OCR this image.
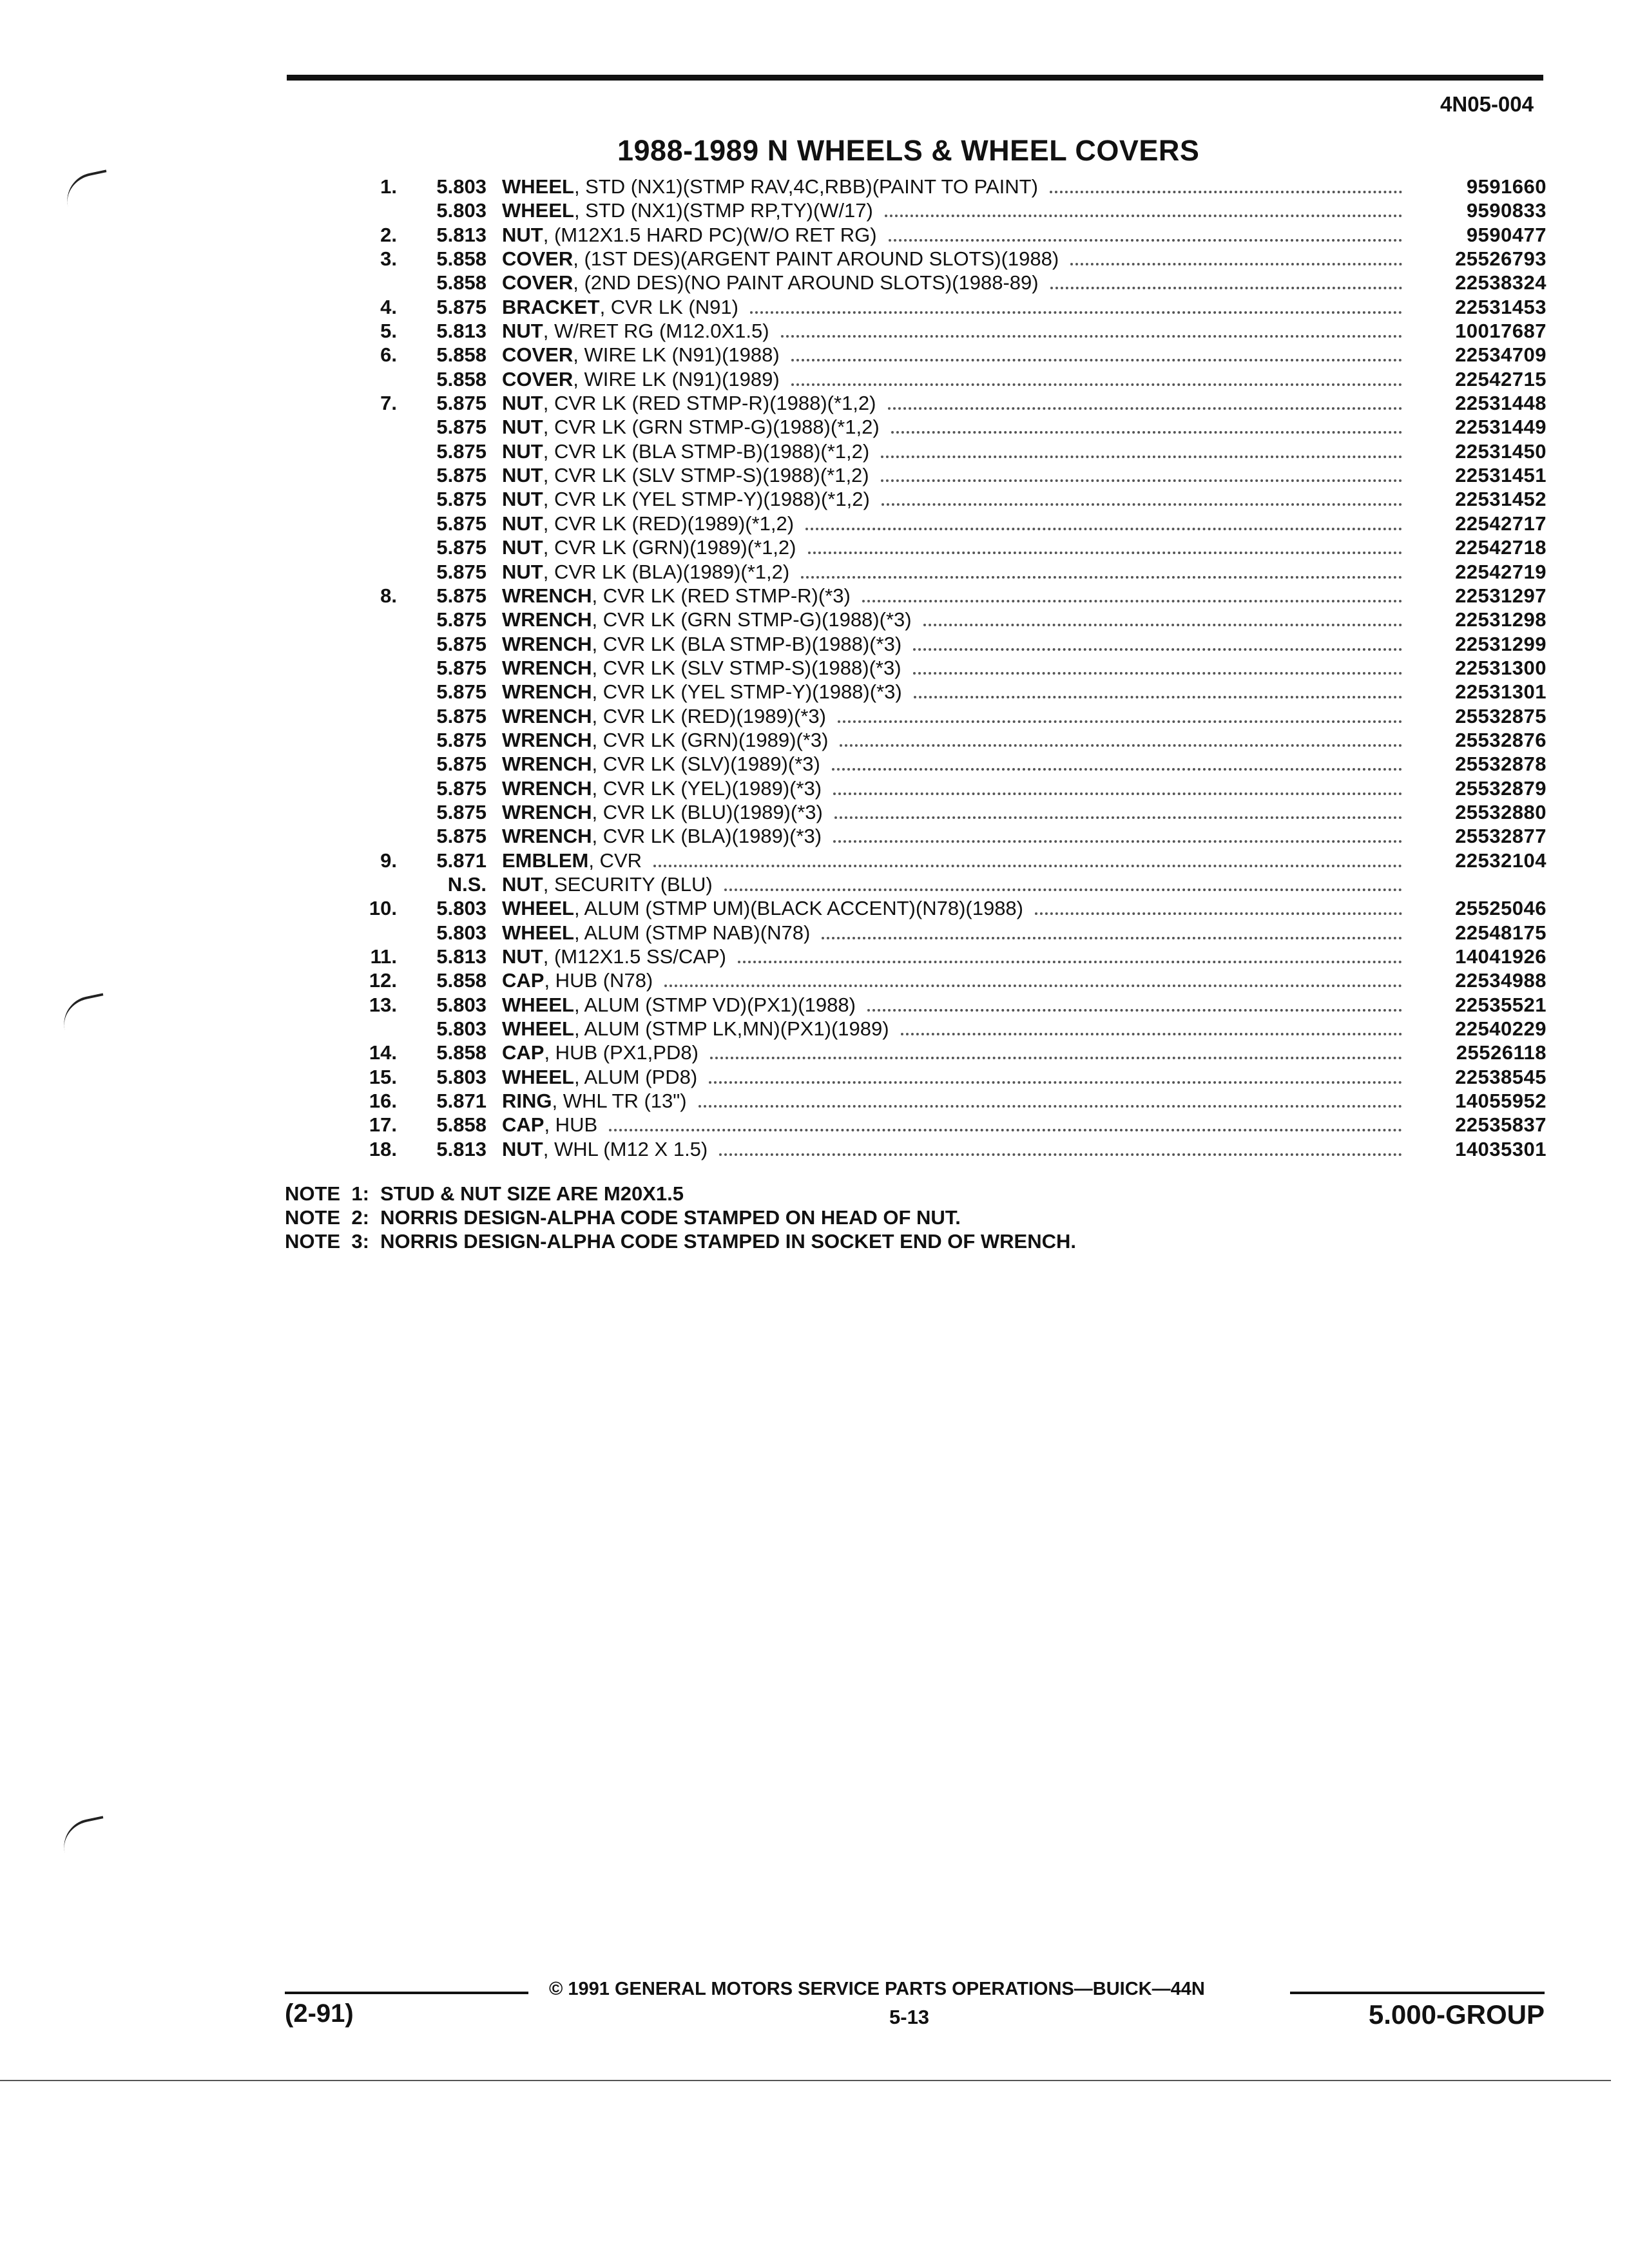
4N05-004
1988-1989 N WHEELS & WHEEL COVERS
1.	5.803 WHEEL, STD (NX1)(STMP RAV,4C,RBB)(PAINT TO PAINT)	9591660
5.803 WHEEL, STD (NX1)(STMP RP,TY)(W/17)	9590833
2.	5.813 NUT, (M12X1.5 HARD PC)(W/O RET RG)	9590477
3.	5.858 COVER, (1ST DES)(ARGENT PAINT AROUND SLOTS)(1988)	25526793
5.858 COVER, (2ND DES)(NO PAINT AROUND SLOTS)(1988-89)	22538324
4.	5.875 BRACKET, CVR LK (N91)	22531453
5.	5.813 NUT, W/RET RG (M12.0X1.5)	10017687
6.	5.858 COVER, WIRE LK (N91)(1988)	22534709
5.858 COVER, WIRE LK (N91)(1989)	22542715
7.	5.875 NUT, CVR LK (RED STMP-R)(1988)(*1,2)	22531448
5.875 NUT, CVR LK (GRN STMP-G)(1988)(*1,2)	22531449
5.875 NUT, CVR LK (BLA STMP-B)(1988)(*1,2)	22531450
5.875 NUT, CVR LK (SLV STMP-S)(1988)(*1,2)	22531451
5.875 NUT, CVR LK (YEL STMP-Y)(1988)(*1,2)	22531452
5.875 NUT, CVR LK (RED)(1989)(*1,2)	22542717
5.875 NUT, CVR LK (GRN)(1989)(*1,2)	22542718
5.875 NUT, CVR LK (BLA)(1989)(*1,2)	22542719
8.	5.875 WRENCH, CVR LK (RED STMP-R)(*3)	22531297
5.875 WRENCH, CVR LK (GRN STMP-G)(1988)(*3)	22531298
5.875 WRENCH, CVR LK (BLA STMP-B)(1988)(*3)	22531299
5.875 WRENCH, CVR LK (SLV STMP-S)(1988)(*3)	22531300
5.875 WRENCH, CVR LK (YEL STMP-Y)(1988)(*3)	22531301
5.875 WRENCH, CVR LK (RED)(1989)(*3)	25532875
5.875 WRENCH, CVR LK (GRN)(1989)(*3)	25532876
5.875 WRENCH, CVR LK (SLV)(1989)(*3)	25532878
5.875 WRENCH, CVR LK (YEL)(1989)(*3)	25532879
5.875 WRENCH, CVR LK (BLU)(1989)(*3)	25532880
5.875 WRENCH, CVR LK (BLA)(1989)(*3)	25532877
9.	5.871 EMBLEM, CVR	22532104
N.S. NUT, SECURITY (BLU)
10.	5.803 WHEEL, ALUM (STMP UM)(BLACK ACCENT)(N78)(1988)	25525046
5.803 WHEEL, ALUM (STMP NAB)(N78)	22548175
11.	5.813 NUT, (M12X1.5 SS/CAP)	14041926
12.	5.858 CAP, HUB (N78)	22534988
13.	5.803 WHEEL, ALUM (STMP VD)(PX1)(1988)	22535521
5.803 WHEEL, ALUM (STMP LK,MN)(PX1)(1989)	22540229
14.	5.858 CAP, HUB (PX1,PD8)	25526118
15.	5.803 WHEEL, ALUM (PD8)	22538545
16.	5.871 RING, WHL TR (13")	14055952
17.	5.858 CAP, HUB	22535837
18.	5.813 NUT, WHL (M12 X 1.5)	14035301
NOTE  1:  STUD & NUT SIZE ARE M20X1.5
NOTE  2:  NORRIS DESIGN-ALPHA CODE STAMPED ON HEAD OF NUT.
NOTE  3:  NORRIS DESIGN-ALPHA CODE STAMPED IN SOCKET END OF WRENCH.
© 1991 GENERAL MOTORS SERVICE PARTS OPERATIONS—BUICK—44N
(2-91)	5-13	5.000-GROUP
